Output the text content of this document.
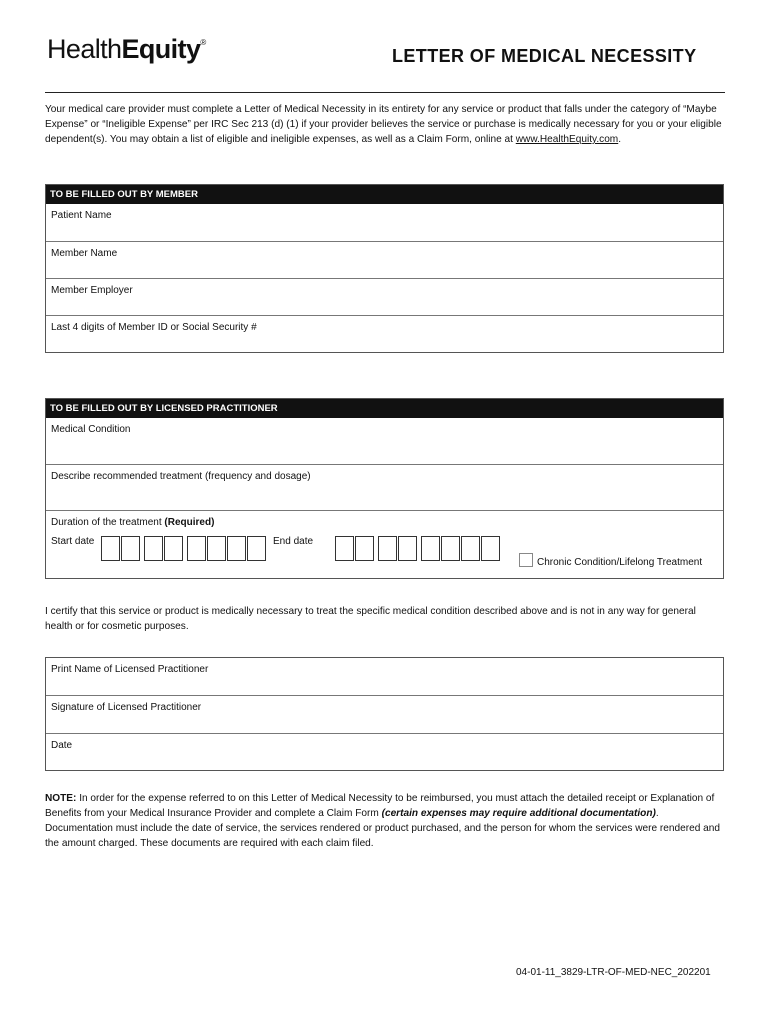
HealthEquity®
LETTER OF MEDICAL NECESSITY
Your medical care provider must complete a Letter of Medical Necessity in its entirety for any service or product that falls under the category of “Maybe Expense” or “Ineligible Expense” per IRC Sec 213 (d) (1) if your provider believes the service or purchase is medically necessary for you or your eligible dependent(s). You may obtain a list of eligible and ineligible expenses, as well as a Claim Form, online at www.HealthEquity.com.
TO BE FILLED OUT BY MEMBER
Patient Name
Member Name
Member Employer
Last 4 digits of Member ID or Social Security #
TO BE FILLED OUT BY LICENSED PRACTITIONER
Medical Condition
Describe recommended treatment (frequency and dosage)
Duration of the treatment (Required)
Start date	End date
Chronic Condition/Lifelong Treatment
I certify that this service or product is medically necessary to treat the specific medical condition described above and is not in any way for general health or for cosmetic purposes.
Print Name of Licensed Practitioner
Signature of Licensed Practitioner
Date
NOTE: In order for the expense referred to on this Letter of Medical Necessity to be reimbursed, you must attach the detailed receipt or Explanation of Benefits from your Medical Insurance Provider and complete a Claim Form (certain expenses may require additional documentation). Documentation must include the date of service, the services rendered or product purchased, and the person for whom the services were rendered and the amount charged. These documents are required with each claim filed.
04-01-11_3829-LTR-OF-MED-NEC_202201
